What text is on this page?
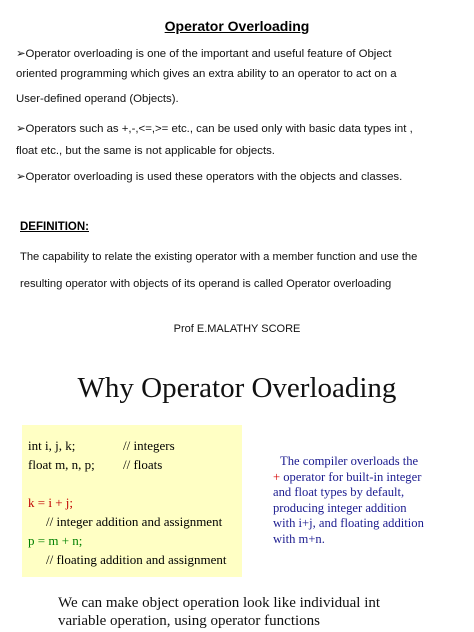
Operator Overloading
➢Operator overloading is one of the important and useful feature of Object
oriented programming which gives an extra ability to an operator to act on a
User-defined operand (Objects).
➢Operators such as +,-,<=,>= etc., can be used only with basic data types int ,
float etc., but the same is not applicable for objects.
➢Operator overloading is used these operators with the objects and classes.
DEFINITION:
The capability to relate the existing operator with a member function and use the
resulting operator with objects of its operand is called Operator overloading
Prof E.MALATHY SCORE
Why Operator Overloading
int i, j, k;	// integers
float m, n, p; // floats
k = i + j;
// integer addition and assignment
p = m + n;
// floating addition and assignment
The compiler overloads the
+ operator for built-in integer
and float types by default,
producing integer addition
with i+j, and floating addition
with m+n.
We can make object operation look like individual int
variable operation, using operator functions
